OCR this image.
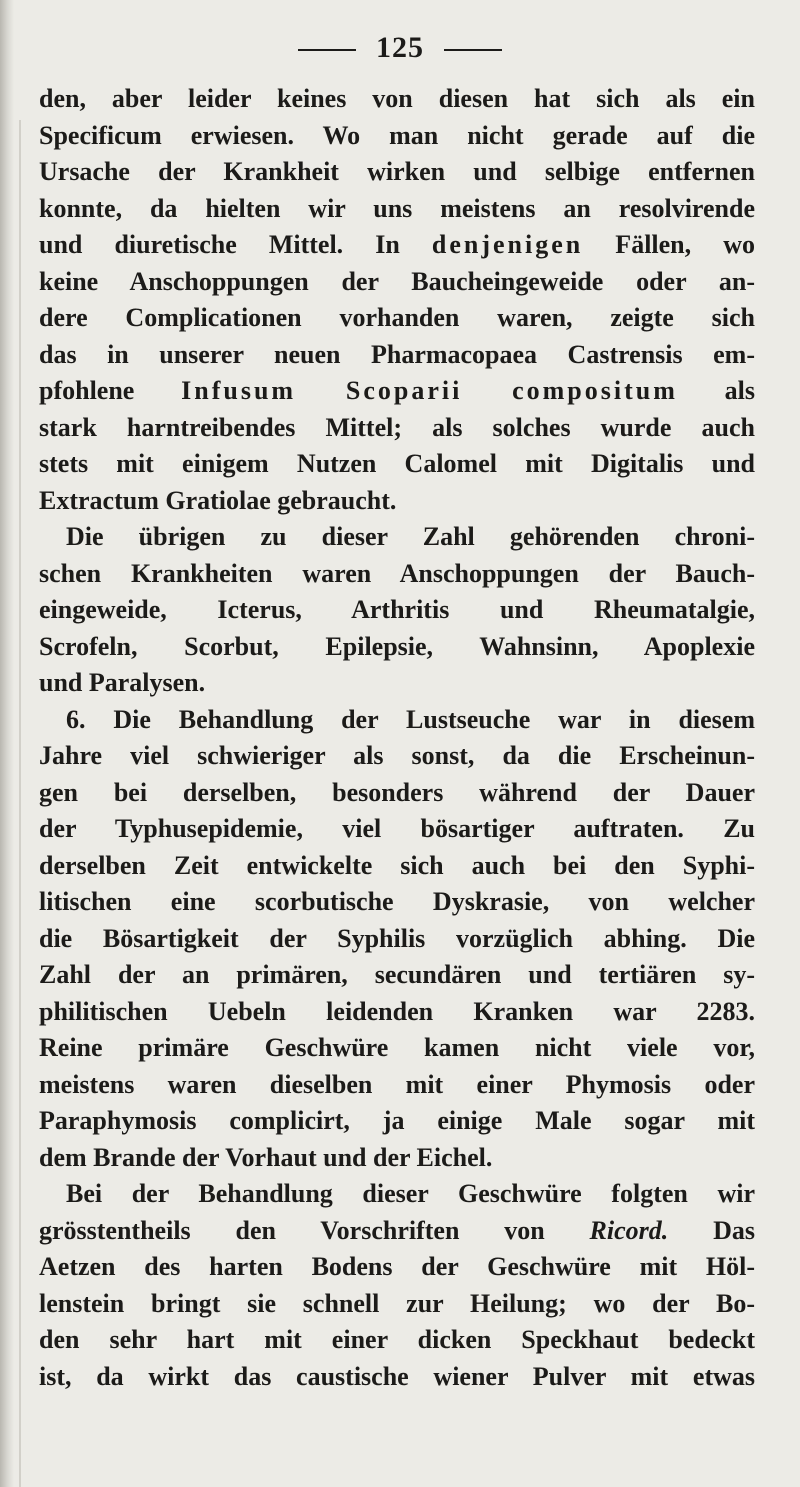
125
den, aber leider keines von diesen hat sich als ein
Specificum erwiesen. Wo man nicht gerade auf die
Ursache der Krankheit wirken und selbige entfernen
konnte, da hielten wir uns meistens an resolvirende
und diuretische Mittel. In denjenigen Fällen, wo
keine Anschoppungen der Baucheingeweide oder an-
dere Complicationen vorhanden waren, zeigte sich
das in unserer neuen Pharmacopaea Castrensis em-
pfohlene Infusum Scoparii compositum als
stark harntreibendes Mittel; als solches wurde auch
stets mit einigem Nutzen Calomel mit Digitalis und
Extractum Gratiolae gebraucht.
Die übrigen zu dieser Zahl gehörenden chroni-
schen Krankheiten waren Anschoppungen der Bauch-
eingeweide, Icterus, Arthritis und Rheumatalgie,
Scrofeln, Scorbut, Epilepsie, Wahnsinn, Apoplexie
und Paralysen.
6. Die Behandlung der Lustseuche war in diesem
Jahre viel schwieriger als sonst, da die Erscheinun-
gen bei derselben, besonders während der Dauer
der Typhusepidemie, viel bösartiger auftraten. Zu
derselben Zeit entwickelte sich auch bei den Syphi-
litischen eine scorbutische Dyskrasie, von welcher
die Bösartigkeit der Syphilis vorzüglich abhing. Die
Zahl der an primären, secundären und tertiären sy-
philitischen Uebeln leidenden Kranken war 2283.
Reine primäre Geschwüre kamen nicht viele vor,
meistens waren dieselben mit einer Phymosis oder
Paraphymosis complicirt, ja einige Male sogar mit
dem Brande der Vorhaut und der Eichel.
Bei der Behandlung dieser Geschwüre folgten wir
grösstentheils den Vorschriften von Ricord. Das
Aetzen des harten Bodens der Geschwüre mit Höl-
lenstein bringt sie schnell zur Heilung; wo der Bo-
den sehr hart mit einer dicken Speckhaut bedeckt
ist, da wirkt das caustische wiener Pulver mit etwas
